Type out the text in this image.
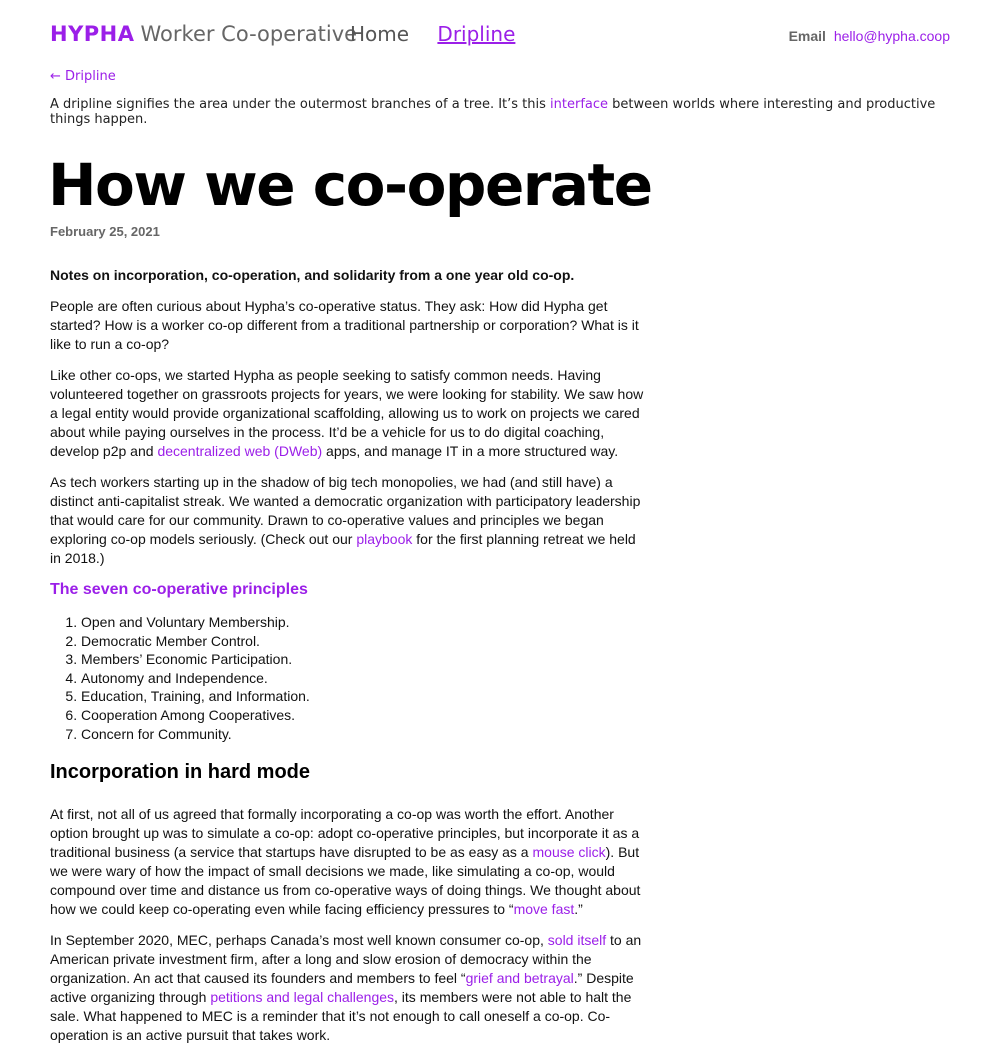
HYPHA Worker Co-operative
Home Dripline	Email hello@hypha.coop
← Dripline
A dripline signifies the area under the outermost branches of a tree. It’s this interface between worlds where interesting and productive things happen.
How we co-operate
February 25, 2021

Notes on incorporation, co-operation, and solidarity from a one year old co-op.

People are often curious about Hypha’s co-operative status. They ask: How did Hypha get started? How is a worker co-op different from a traditional partnership or corporation? What is it like to run a co-op?

Like other co-ops, we started Hypha as people seeking to satisfy common needs. Having volunteered together on grassroots projects for years, we were looking for stability. We saw how a legal entity would provide organizational scaffolding, allowing us to work on projects we cared about while paying ourselves in the process. It’d be a vehicle for us to do digital coaching, develop p2p and decentralized web (DWeb) apps, and manage IT in a more structured way.

As tech workers starting up in the shadow of big tech monopolies, we had (and still have) a distinct anti-capitalist streak. We wanted a democratic organization with participatory leadership that would care for our community. Drawn to co-operative values and principles we began exploring co-op models seriously. (Check out our playbook for the first planning retreat we held in 2018.)

The seven co-operative principles
1. Open and Voluntary Membership.
2. Democratic Member Control.
3. Members’ Economic Participation.
4. Autonomy and Independence.
5. Education, Training, and Information.
6. Cooperation Among Cooperatives.
7. Concern for Community.
Incorporation in hard mode

At first, not all of us agreed that formally incorporating a co-op was worth the effort. Another option brought up was to simulate a co-op: adopt co-operative principles, but incorporate it as a traditional business (a service that startups have disrupted to be as easy as a mouse click). But we were wary of how the impact of small decisions we made, like simulating a co-op, would compound over time and distance us from co-operative ways of doing things. We thought about how we could keep co-operating even while facing efficiency pressures to “move fast.”

In September 2020, MEC, perhaps Canada’s most well known consumer co-op, sold itself to an American private investment firm, after a long and slow erosion of democracy within the organization. An act that caused its founders and members to feel “grief and betrayal.” Despite active organizing through petitions and legal challenges, its members were not able to halt the sale. What happened to MEC is a reminder that it’s not enough to call oneself a co-op. Co-operation is an active pursuit that takes work.
